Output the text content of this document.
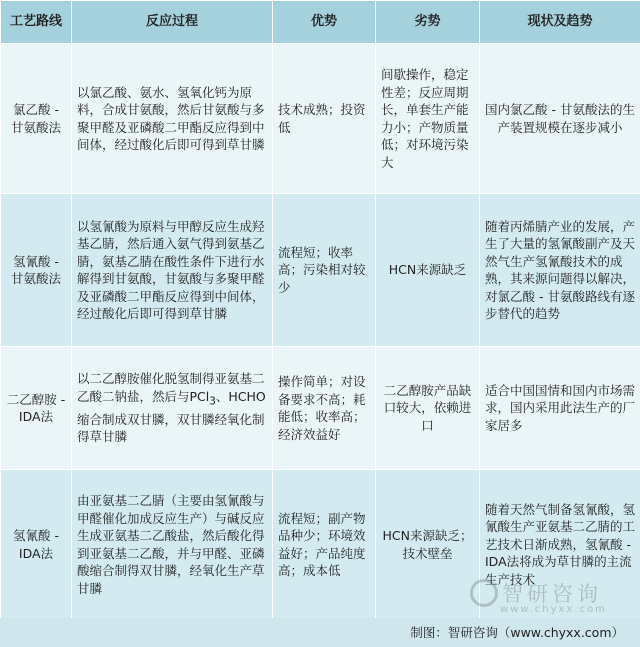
工艺路线	反应过程	优势	劣势	现状及趋势
氯乙酸 - 甘氨酸法	以氯乙酸、氨水、氢氧化钙为原料，合成甘氨酸，然后甘氨酸与多聚甲醛及亚磷酸二甲酯反应得到中间体，经过酸化后即可得到草甘膦	技术成熟；投资低	间歇操作，稳定性差；反应周期长，单套生产能力小；产物质量低；对环境污染大	国内氯乙酸 - 甘氨酸法的生产装置规模在逐步减小
氢氰酸 - 甘氨酸法	以氢氰酸为原料与甲醇反应生成羟基乙腈，然后通入氨气得到氨基乙腈，氨基乙腈在酸性条件下进行水解得到甘氨酸，甘氨酸与多聚甲醛及亚磷酸二甲酯反应得到中间体，经过酸化后即可得到草甘膦	流程短；收率高；污染相对较少	HCN来源缺乏	随着丙烯腈产业的发展，产生了大量的氢氰酸副产及天然气生产氢氰酸技术的成熟，其来源问题得以解决，对氯乙酸 - 甘氨酸路线有逐步替代的趋势
二乙醇胺 - IDA法	以二乙醇胺催化脱氢制得亚氨基二乙酸二钠盐，然后与PCl$_3$、HCHO缩合制成双甘膦，双甘膦经氧化制得草甘膦	操作简单；对设备要求不高；耗能低；收率高；经济效益好	二乙醇胺产品缺口较大，依赖进口	适合中国国情和国内市场需求，国内采用此法生产的厂家居多
氢氰酸 - IDA法	由亚氨基二乙腈（主要由氢氰酸与甲醛催化加成反应生产）与碱反应生成亚氨基二乙酸盐，然后酸化得到亚氨基二乙酸，并与甲醛、亚磷酸缩合制得双甘膦，经氧化生产草甘膦	流程短；副产物品种少；环境效益好；产品纯度高；成本低	HCN来源缺乏；技术壁垒	随着天然气制备氢氰酸，氢氰酸生产亚氨基二乙腈的工艺技术日渐成熟，氢氰酸 - IDA法将成为草甘膦的主流生产技术
智研咨询
www.chyxx.com
制图：智研咨询（www.chyxx.com）
